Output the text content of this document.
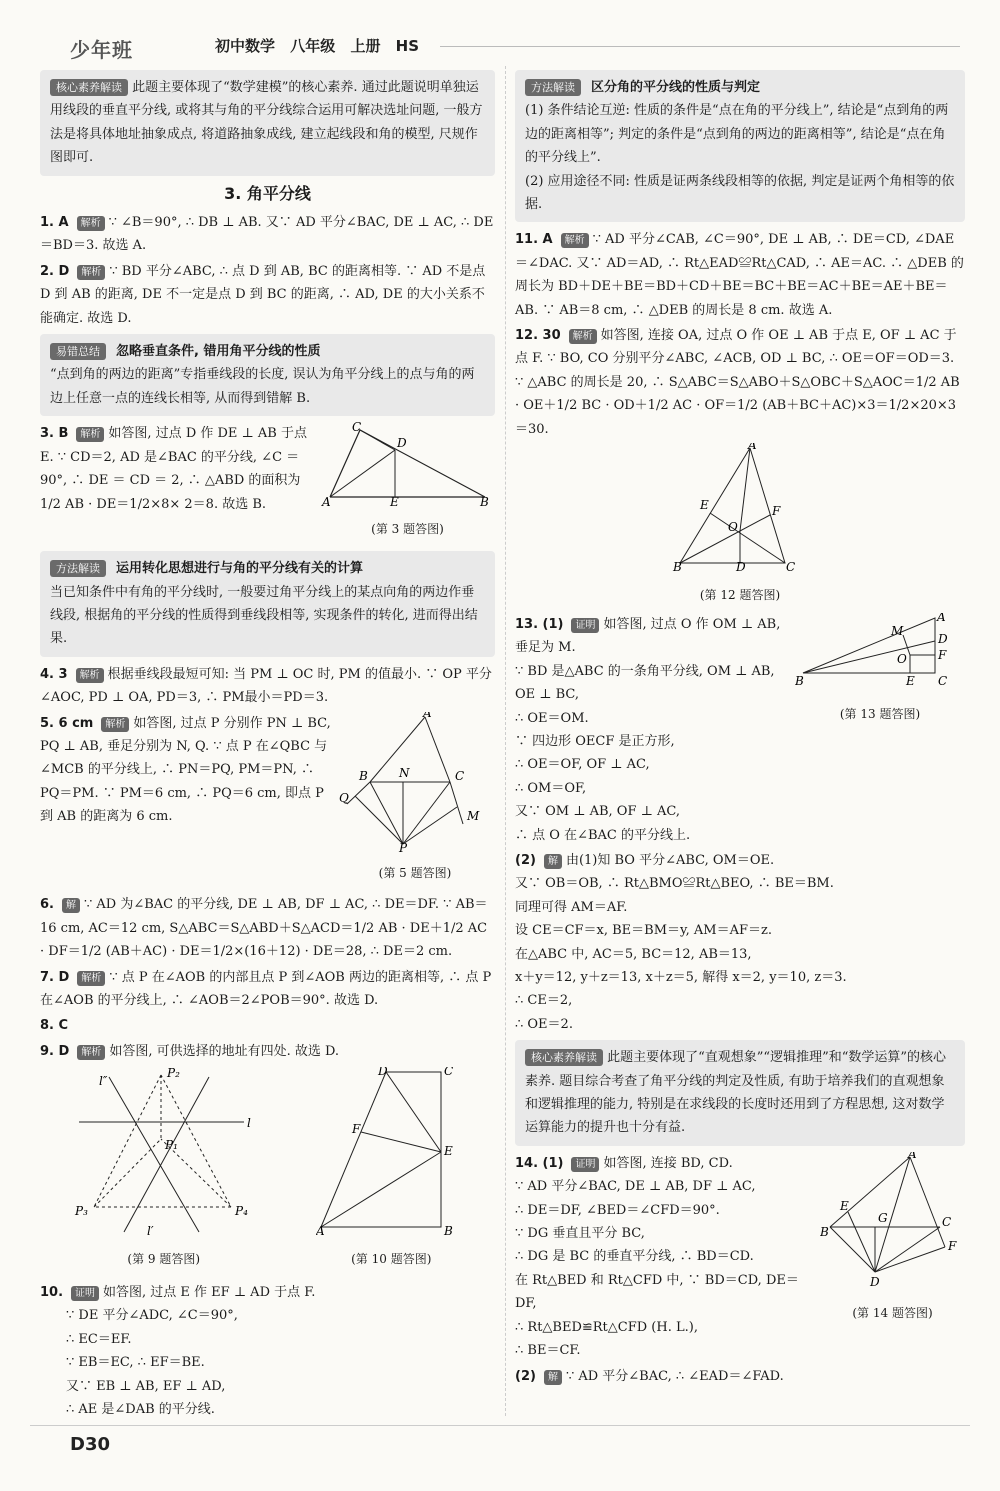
少年班	初中数学 八年级 上册 HS
核心素养解读 此题主要体现了“数学建模”的核心素养. 通过此题说明单独运用线段的垂直平分线, 或将其与角的平分线综合运用可解决选址问题, 一般方法是将具体地址抽象成点, 将道路抽象成线, 建立起线段和角的模型, 尺规作图即可.
3. 角平分线
1. A 解析 ∵ ∠B＝90°, ∴ DB ⊥ AB. 又∵ AD 平分∠BAC, DE ⊥ AC, ∴ DE＝BD＝3. 故选 A.
2. D 解析 ∵ BD 平分∠ABC, ∴ 点 D 到 AB, BC 的距离相等. ∵ AD 不是点 D 到 AB 的距离, DE 不一定是点 D 到 BC 的距离, ∴ AD, DE 的大小关系不能确定. 故选 D.
易错总结 忽略垂直条件, 错用角平分线的性质
“点到角的两边的距离”专指垂线段的长度, 误认为角平分线上的点与角的两边上任意一点的连线长相等, 从而得到错解 B.
3. B 解析 如答图, 过点 D 作 DE ⊥ AB 于点 E. ∵ CD＝2, AD 是∠BAC 的平分线, ∠C ＝ 90°, ∴ DE ＝ CD ＝ 2, ∴ △ABD 的面积为 1/2 AB · DE＝1/2×8× 2＝8. 故选 B.
C
D
A	E	B
(第 3 题答图)
方法解读 运用转化思想进行与角的平分线有关的计算
当已知条件中有角的平分线时, 一般要过角平分线上的某点向角的两边作垂线段, 根据角的平分线的性质得到垂线段相等, 实现条件的转化, 进而得出结果.
4. 3 解析 根据垂线段最短可知: 当 PM ⊥ OC 时, PM 的值最小. ∵ OP 平分∠AOC, PD ⊥ OA, PD＝3, ∴ PM最小＝PD＝3.
5. 6 cm 解析 如答图, 过点 P 分别作 PN ⊥ BC, PQ ⊥ AB, 垂足分别为 N, Q. ∵ 点 P 在∠QBC 与∠MCB 的平分线上, ∴ PN＝PQ, PM＝PN, ∴ PQ＝PM. ∵ PM＝6 cm, ∴ PQ＝6 cm, 即点 P 到 AB 的距离为 6 cm.
A
B	C
N
Q
M
P
(第 5 题答图)
6. 解 ∵ AD 为∠BAC 的平分线, DE ⊥ AB, DF ⊥ AC, ∴ DE＝DF. ∵ AB＝16 cm, AC＝12 cm, S△ABC＝S△ABD＋S△ACD＝1/2 AB · DE＋1/2 AC · DF＝1/2 (AB＋AC) · DE＝1/2×(16＋12) · DE＝28, ∴ DE＝2 cm.
7. D 解析 ∵ 点 P 在∠AOB 的内部且点 P 到∠AOB 两边的距离相等, ∴ 点 P 在∠AOB 的平分线上, ∴ ∠AOB＝2∠POB＝90°. 故选 D.
8. C
9. D 解析 如答图, 可供选择的地址有四处. 故选 D.
P₂
l″
l
P₁
P₃	P₄
l′
(第 9 题答图)
D	C
F
E
A	B
(第 10 题答图)
10. 证明 如答图, 过点 E 作 EF ⊥ AD 于点 F.
∵ DE 平分∠ADC, ∠C＝90°,
∴ EC＝EF.
∵ EB＝EC, ∴ EF＝BE.
又∵ EB ⊥ AB, EF ⊥ AD,
∴ AE 是∠DAB 的平分线.
方法解读 区分角的平分线的性质与判定
(1) 条件结论互逆: 性质的条件是“点在角的平分线上”, 结论是“点到角的两边的距离相等”; 判定的条件是“点到角的两边的距离相等”, 结论是“点在角的平分线上”.
(2) 应用途径不同: 性质是证两条线段相等的依据, 判定是证两个角相等的依据.
11. A 解析 ∵ AD 平分∠CAB, ∠C＝90°, DE ⊥ AB, ∴ DE＝CD, ∠DAE＝∠DAC. 又∵ AD＝AD, ∴ Rt△EAD≌Rt△CAD, ∴ AE＝AC. ∴ △DEB 的周长为 BD＋DE＋BE＝BD＋CD＋BE＝BC＋BE＝AC＋BE＝AE＋BE＝AB. ∵ AB＝8 cm, ∴ △DEB 的周长是 8 cm. 故选 A.
12. 30 解析 如答图, 连接 OA, 过点 O 作 OE ⊥ AB 于点 E, OF ⊥ AC 于点 F. ∵ BO, CO 分别平分∠ABC, ∠ACB, OD ⊥ BC, ∴ OE＝OF＝OD＝3. ∵ △ABC 的周长是 20, ∴ S△ABC＝S△ABO＋S△OBC＋S△AOC＝1/2 AB · OE＋1/2 BC · OD＋1/2 AC · OF＝1/2 (AB＋BC＋AC)×3＝1/2×20×3＝30.
A
E	F
O
B	D	C
(第 12 题答图)
13. (1) 证明 如答图, 过点 O 作 OM ⊥ AB, 垂足为 M.
∵ BD 是△ABC 的一条角平分线, OM ⊥ AB, OE ⊥ BC,
∴ OE＝OM.
∵ 四边形 OECF 是正方形,
∴ OE＝OF, OF ⊥ AC,
∴ OM＝OF,
又∵ OM ⊥ AB, OF ⊥ AC,
∴ 点 O 在∠BAC 的平分线上.
A
M
D
F
O
B	E C
(第 13 题答图)
(2) 解 由(1)知 BO 平分∠ABC, OM＝OE.
又∵ OB＝OB, ∴ Rt△BMO≌Rt△BEO, ∴ BE＝BM.
同理可得 AM＝AF.
设 CE＝CF＝x, BE＝BM＝y, AM＝AF＝z.
在△ABC 中, AC＝5, BC＝12, AB＝13,
x＋y＝12, y＋z＝13, x＋z＝5, 解得 x＝2, y＝10, z＝3.
∴ CE＝2,
∴ OE＝2.
核心素养解读 此题主要体现了“直观想象”“逻辑推理”和“数学运算”的核心素养. 题目综合考查了角平分线的判定及性质, 有助于培养我们的直观想象和逻辑推理的能力, 特别是在求线段的长度时还用到了方程思想, 这对数学运算能力的提升也十分有益.
14. (1) 证明 如答图, 连接 BD, CD.
∵ AD 平分∠BAC, DE ⊥ AB, DF ⊥ AC,
∴ DE＝DF, ∠BED＝∠CFD＝90°.
∵ DG 垂直且平分 BC,
∴ DG 是 BC 的垂直平分线, ∴ BD＝CD.
在 Rt△BED 和 Rt△CFD 中, ∵ BD＝CD, DE＝DF,
∴ Rt△BED≌Rt△CFD (H. L.),
∴ BE＝CF.
A
E
G
B
C
F
D
(第 14 题答图)
(2) 解 ∵ AD 平分∠BAC, ∴ ∠EAD＝∠FAD.
D30
